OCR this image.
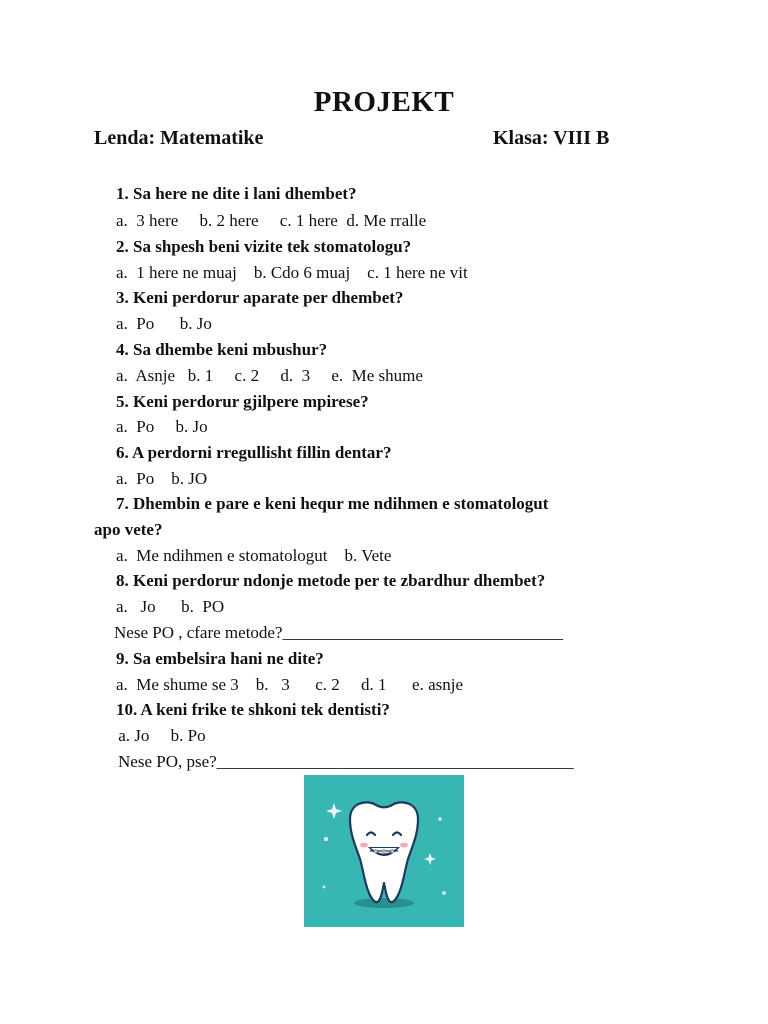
PROJEKT
Lenda: Matematike	Klasa: VIII B
1. Sa here ne dite i lani dhembet?
a.  3 here     b. 2 here     c. 1 here  d. Me rralle
2. Sa shpesh beni vizite tek stomatologu?
a.  1 here ne muaj    b. Cdo 6 muaj    c. 1 here ne vit
3. Keni perdorur aparate per dhembet?
a.  Po      b. Jo
4. Sa dhembe keni mbushur?
a.  Asnje   b. 1     c. 2     d.  3     e.  Me shume
5. Keni perdorur gjilpere mpirese?
a.  Po     b. Jo
6. A perdorni rregullisht fillin dentar?
a.  Po    b. JO
7. Dhembin e pare e keni hequr me ndihmen e stomatologut
apo vete?
a.  Me ndihmen e stomatologut    b. Vete
8. Keni perdorur ndonje metode per te zbardhur dhembet?
a.   Jo      b.  PO
Nese PO , cfare metode?_________________________________
9. Sa embelsira hani ne dite?
a.  Me shume se 3    b.   3      c. 2     d. 1      e. asnje
10. A keni frike te shkoni tek dentisti?
a. Jo     b. Po
Nese PO, pse?__________________________________________
